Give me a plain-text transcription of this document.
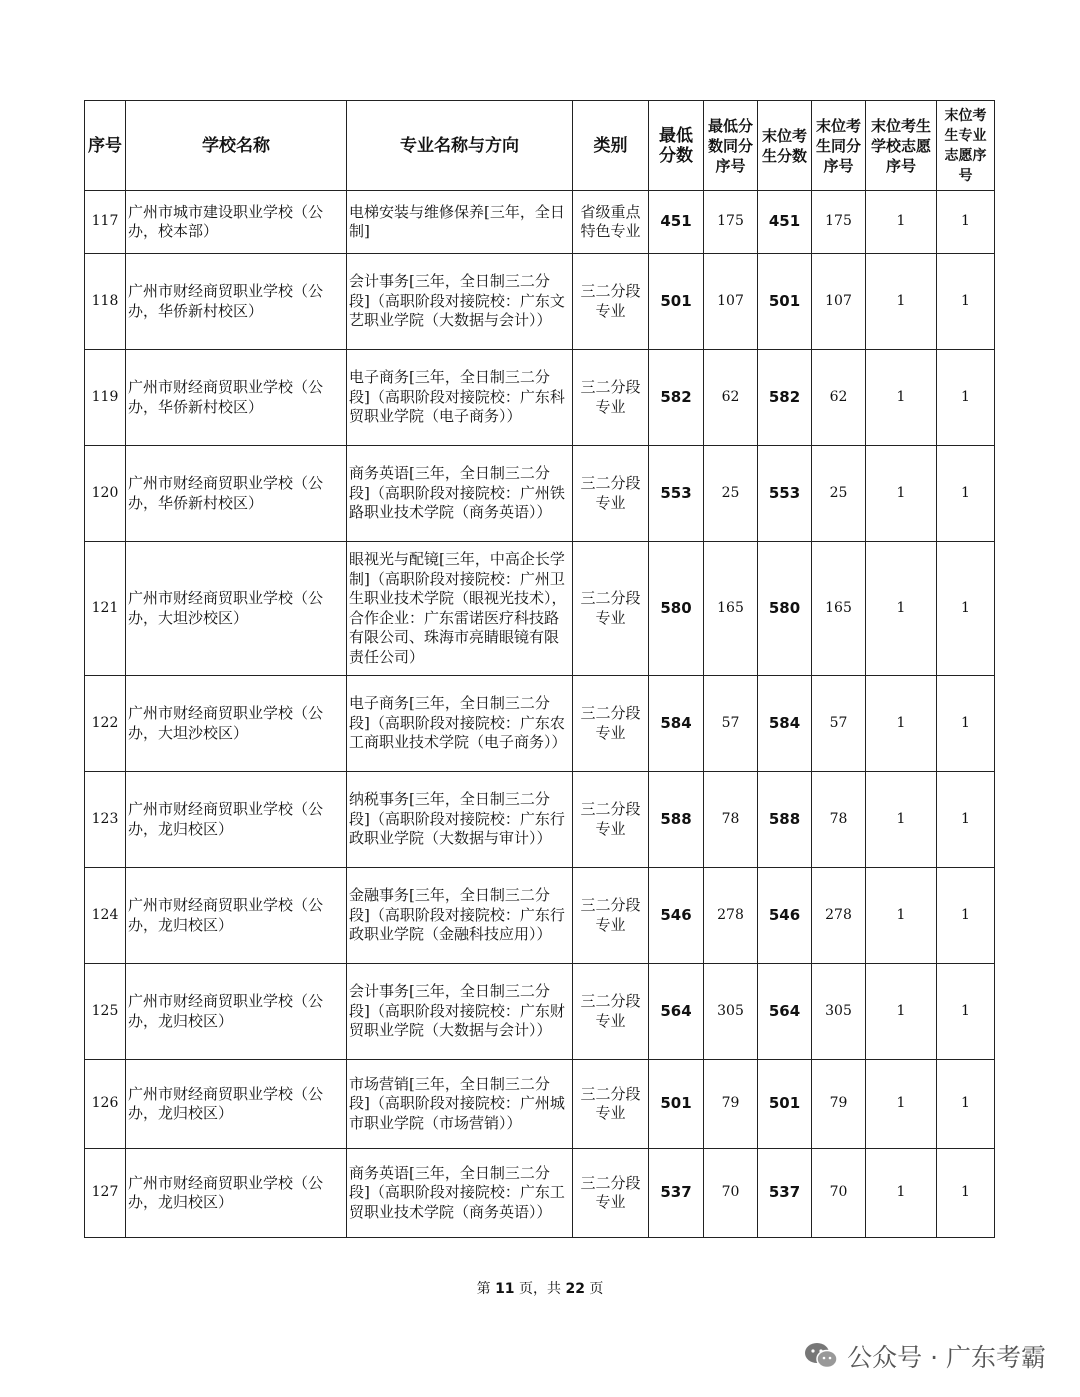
序号	学校名称	专业名称与方向	类别	最低分数	最低分数同分序号	末位考生分数	末位考生同分序号	末位考生学校志愿序号	末位考生专业志愿序号
117	广州市城市建设职业学校（公办，校本部）	电梯安装与维修保养[三年，全日制]	省级重点特色专业	451	175	451	175	1	1
118	广州市财经商贸职业学校（公办，华侨新村校区）	会计事务[三年，全日制三二分段]（高职阶段对接院校：广东文艺职业学院（大数据与会计））	三二分段专业	501	107	501	107	1	1
119	广州市财经商贸职业学校（公办，华侨新村校区）	电子商务[三年，全日制三二分段]（高职阶段对接院校：广东科贸职业学院（电子商务））	三二分段专业	582	62	582	62	1	1
120	广州市财经商贸职业学校（公办，华侨新村校区）	商务英语[三年，全日制三二分段]（高职阶段对接院校：广州铁路职业技术学院（商务英语））	三二分段专业	553	25	553	25	1	1
121	广州市财经商贸职业学校（公办，大坦沙校区）	眼视光与配镜[三年，中高企长学制]（高职阶段对接院校：广州卫生职业技术学院（眼视光技术），合作企业：广东雷诺医疗科技路有限公司、珠海市亮睛眼镜有限责任公司）	三二分段专业	580	165	580	165	1	1
122	广州市财经商贸职业学校（公办，大坦沙校区）	电子商务[三年，全日制三二分段]（高职阶段对接院校：广东农工商职业技术学院（电子商务））	三二分段专业	584	57	584	57	1	1
123	广州市财经商贸职业学校（公办，龙归校区）	纳税事务[三年，全日制三二分段]（高职阶段对接院校：广东行政职业学院（大数据与审计））	三二分段专业	588	78	588	78	1	1
124	广州市财经商贸职业学校（公办，龙归校区）	金融事务[三年，全日制三二分段]（高职阶段对接院校：广东行政职业学院（金融科技应用））	三二分段专业	546	278	546	278	1	1
125	广州市财经商贸职业学校（公办，龙归校区）	会计事务[三年，全日制三二分段]（高职阶段对接院校：广东财贸职业学院（大数据与会计））	三二分段专业	564	305	564	305	1	1
126	广州市财经商贸职业学校（公办，龙归校区）	市场营销[三年，全日制三二分段]（高职阶段对接院校：广州城市职业学院（市场营销））	三二分段专业	501	79	501	79	1	1
127	广州市财经商贸职业学校（公办，龙归校区）	商务英语[三年，全日制三二分段]（高职阶段对接院校：广东工贸职业技术学院（商务英语））	三二分段专业	537	70	537	70	1	1
第 11 页，共 22 页
公众号 · 广东考霸
